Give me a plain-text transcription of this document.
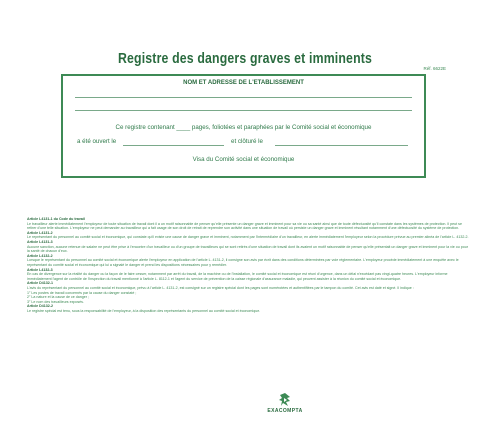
Registre des dangers graves et imminents
Réf. 6622E
NOM ET ADRESSE DE L'ETABLISSEMENT
Ce registre contenant ____ pages, foliotées et paraphées par le Comité social et économique
a été ouvert le	et clôturé le
Visa du Comité social et économique

Article L4131-1 du Code du travail

Le travailleur alerte immédiatement l'employeur de toute situation de travail dont il a un motif raisonnable de penser qu'elle présente un danger grave et imminent pour sa vie ou sa santé ainsi que de toute défectuosité qu'il constate dans les systèmes de protection. Il peut se retirer d'une telle situation. L'employeur ne peut demander au travailleur qui a fait usage de son droit de retrait de reprendre son activité dans une situation de travail où persiste un danger grave et imminent résultant notamment d'une défectuosité du système de protection.

Article L4131-2

Le représentant du personnel au comité social et économique, qui constate qu'il existe une cause de danger grave et imminent, notamment par l'intermédiaire d'un travailleur, en alerte immédiatement l'employeur selon la procédure prévue au premier alinéa de l'article L. 4132-2.

Article L4131-3

Aucune sanction, aucune retenue de salaire ne peut être prise à l'encontre d'un travailleur ou d'un groupe de travailleurs qui se sont retirés d'une situation de travail dont ils avaient un motif raisonnable de penser qu'elle présentait un danger grave et imminent pour la vie ou pour la santé de chacun d'eux.

Article L4132-2

Lorsque le représentant du personnel au comité social et économique alerte l'employeur en application de l'article L. 4131-2, il consigne son avis par écrit dans des conditions déterminées par voie réglementaire. L'employeur procède immédiatement à une enquête avec le représentant du comité social et économique qui lui a signalé le danger et prend les dispositions nécessaires pour y remédier.

Article L4132-3

En cas de divergence sur la réalité du danger ou la façon de le faire cesser, notamment par arrêt du travail, de la machine ou de l'installation, le comité social et économique est réuni d'urgence, dans un délai n'excédant pas vingt-quatre heures. L'employeur informe immédiatement l'agent de contrôle de l'inspection du travail mentionné à l'article L. 8112-1 et l'agent du service de prévention de la caisse régionale d'assurance maladie, qui peuvent assister à la réunion du comité social et économique.

Article D4132-1

L'avis du représentant du personnel au comité social et économique, prévu à l'article L. 4131-2, est consigné sur un registre spécial dont les pages sont numérotées et authentifiées par le tampon du comité. Cet avis est daté et signé. Il indique :

1° Les postes de travail concernés par la cause du danger constaté ;

2° La nature et la cause de ce danger ;

3° Le nom des travailleurs exposés.

Article D4132-2

Le registre spécial est tenu, sous la responsabilité de l'employeur, à la disposition des représentants du personnel au comité social et économique.

EXACOMPTA
